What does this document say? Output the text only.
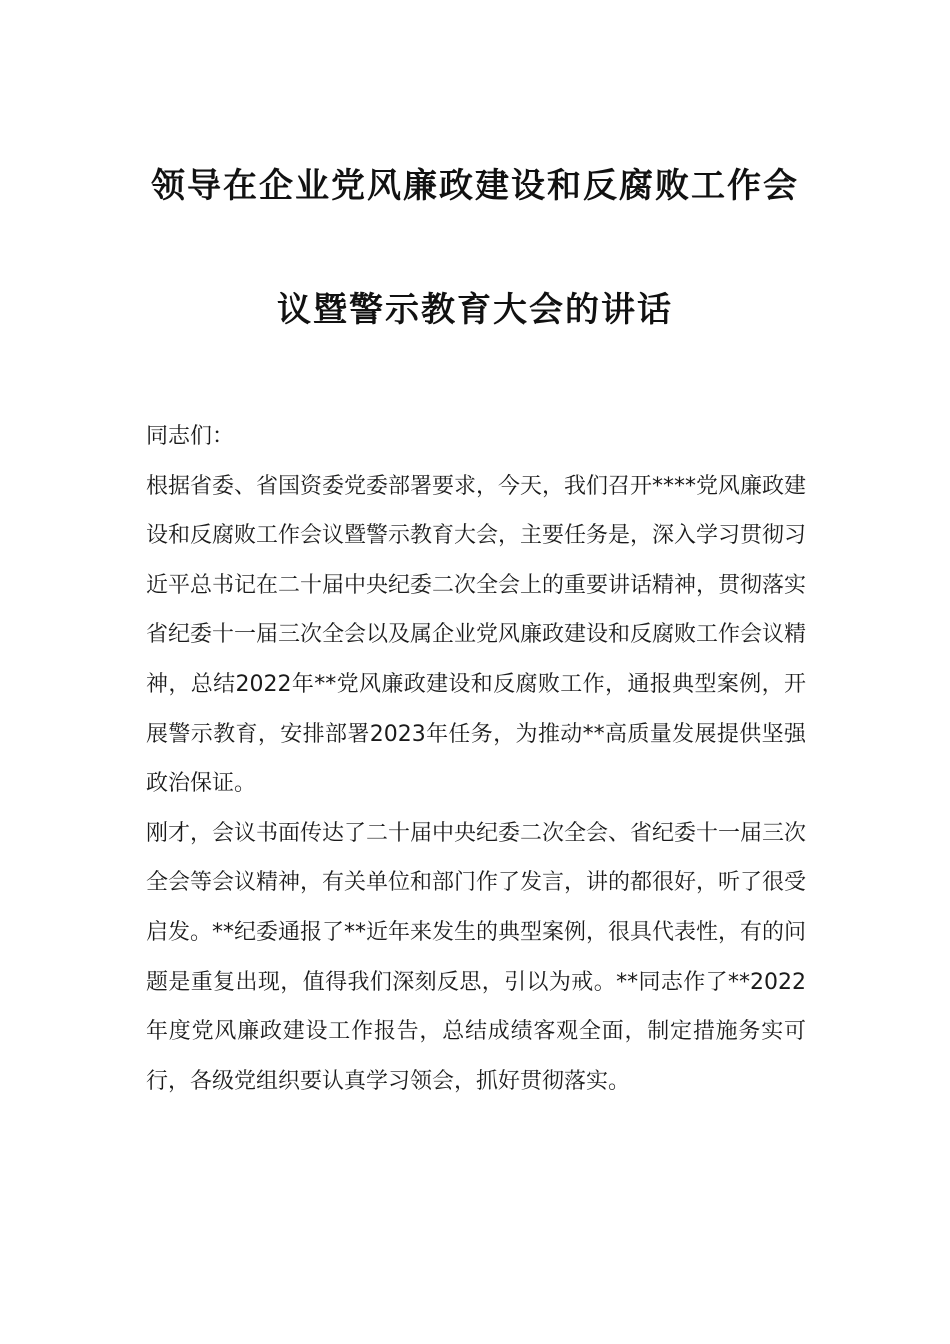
领导在企业党风廉政建设和反腐败工作会
议暨警示教育大会的讲话

同志们：

根据省委、省国资委党委部署要求，今天，我们召开****党风廉政建设和反腐败工作会议暨警示教育大会，主要任务是，深入学习贯彻习近平总书记在二十届中央纪委二次全会上的重要讲话精神，贯彻落实省纪委十一届三次全会以及属企业党风廉政建设和反腐败工作会议精神，总结2022年**党风廉政建设和反腐败工作，通报典型案例，开展警示教育，安排部署2023年任务，为推动**高质量发展提供坚强政治保证。

刚才，会议书面传达了二十届中央纪委二次全会、省纪委十一届三次全会等会议精神，有关单位和部门作了发言，讲的都很好，听了很受启发。**纪委通报了**近年来发生的典型案例，很具代表性，有的问题是重复出现，值得我们深刻反思，引以为戒。**同志作了**2022年度党风廉政建设工作报告，总结成绩客观全面，制定措施务实可行，各级党组织要认真学习领会，抓好贯彻落实。
